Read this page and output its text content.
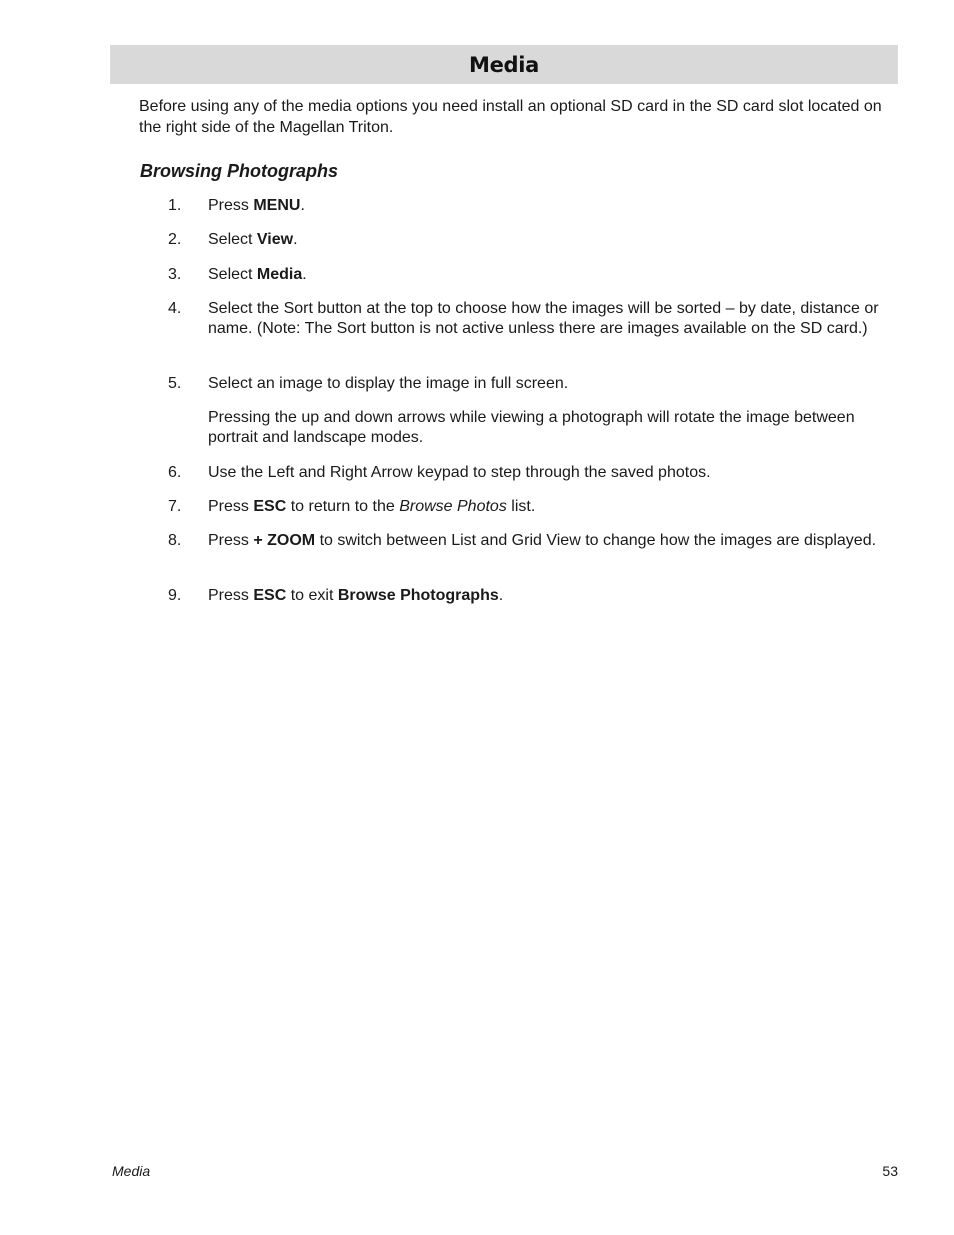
Media

Before using any of the media options you need install an optional SD card in the SD card slot located on the right side of the Magellan Triton.

Browsing Photographs
1.	Press MENU.
2.	Select View.
3.	Select Media.
4.	Select the Sort button at the top to choose how the images will be sorted – by date, distance or name. (Note: The Sort button is not active unless there are images available on the SD card.)
5.	Select an image to display the image in full screen.
6.	Use the Left and Right Arrow keypad to step through the saved photos.
7.	Press ESC to return to the Browse Photos list.
8.	Press + ZOOM to switch between List and Grid View to change how the images are displayed.
9.	Press ESC to exit Browse Photographs.

Pressing the up and down arrows while viewing a photograph will rotate the image between portrait and landscape modes.

Media	53
